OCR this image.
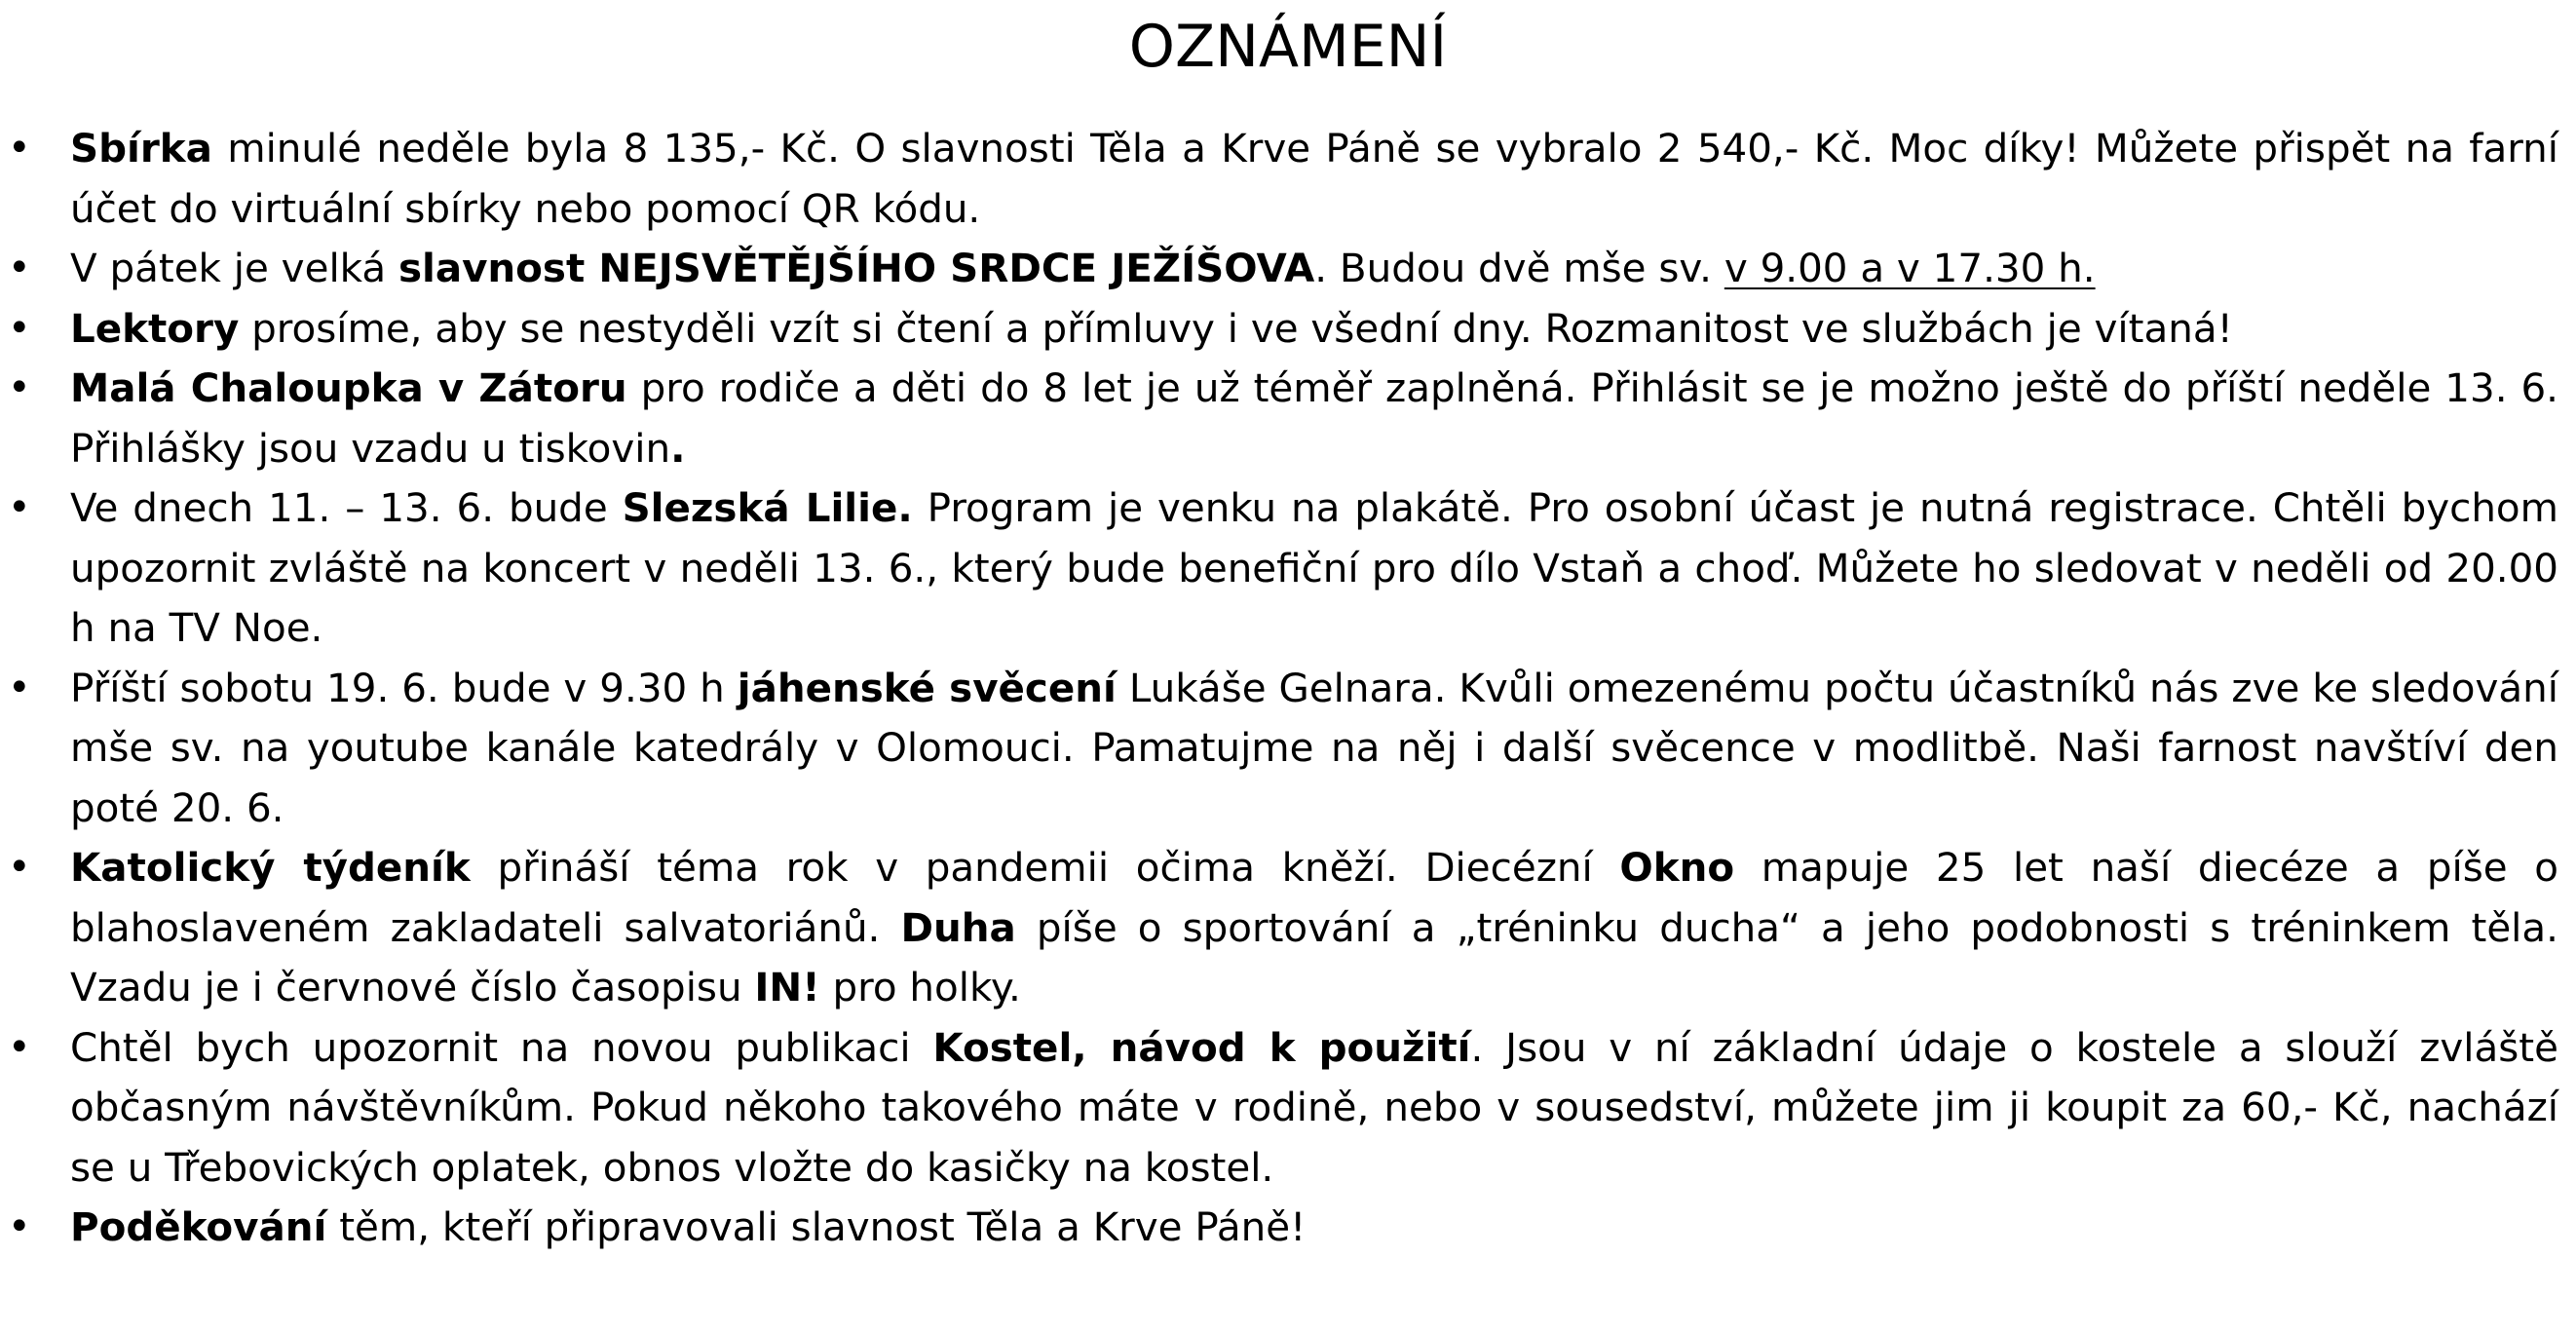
OZNÁMENÍ
• Sbírka minulé neděle byla 8 135,- Kč. O slavnosti Těla a Krve Páně se vybralo 2 540,- Kč. Moc díky! Můžete přispět na farní účet do virtuální sbírky nebo pomocí QR kódu.
• V pátek je velká slavnost NEJSVĚTĚJŠÍHO SRDCE JEŽÍŠOVA. Budou dvě mše sv. v 9.00 a v 17.30 h.
• Lektory prosíme, aby se nestyděli vzít si čtení a přímluvy i ve všední dny. Rozmanitost ve službách je vítaná!
• Malá Chaloupka v Zátoru pro rodiče a děti do 8 let je už téměř zaplněná. Přihlásit se je možno ještě do příští neděle 13. 6. Přihlášky jsou vzadu u tiskovin.
• Ve dnech 11. – 13. 6. bude Slezská Lilie. Program je venku na plakátě. Pro osobní účast je nutná registrace. Chtěli bychom upozornit zvláště na koncert v neděli 13. 6., který bude benefiční pro dílo Vstaň a choď. Můžete ho sledovat v neděli od 20.00 h na TV Noe.
• Příští sobotu 19. 6. bude v 9.30 h jáhenské svěcení Lukáše Gelnara. Kvůli omezenému počtu účastníků nás zve ke sledování mše sv. na youtube kanále katedrály v Olomouci. Pamatujme na něj i další svěcence v modlitbě. Naši farnost navštíví den poté 20. 6.
• Katolický týdeník přináší téma rok v pandemii očima kněží. Diecézní Okno mapuje 25 let naší diecéze a píše o blahoslaveném zakladateli salvatoriánů. Duha píše o sportování a „tréninku ducha“ a jeho podobnosti s tréninkem těla. Vzadu je i červnové číslo časopisu IN! pro holky.
• Chtěl bych upozornit na novou publikaci Kostel, návod k použití. Jsou v ní základní údaje o kostele a slouží zvláště občasným návštěvníkům. Pokud někoho takového máte v rodině, nebo v sousedství, můžete jim ji koupit za 60,- Kč, nachází se u Třebovických oplatek, obnos vložte do kasičky na kostel.
• Poděkování těm, kteří připravovali slavnost Těla a Krve Páně!
